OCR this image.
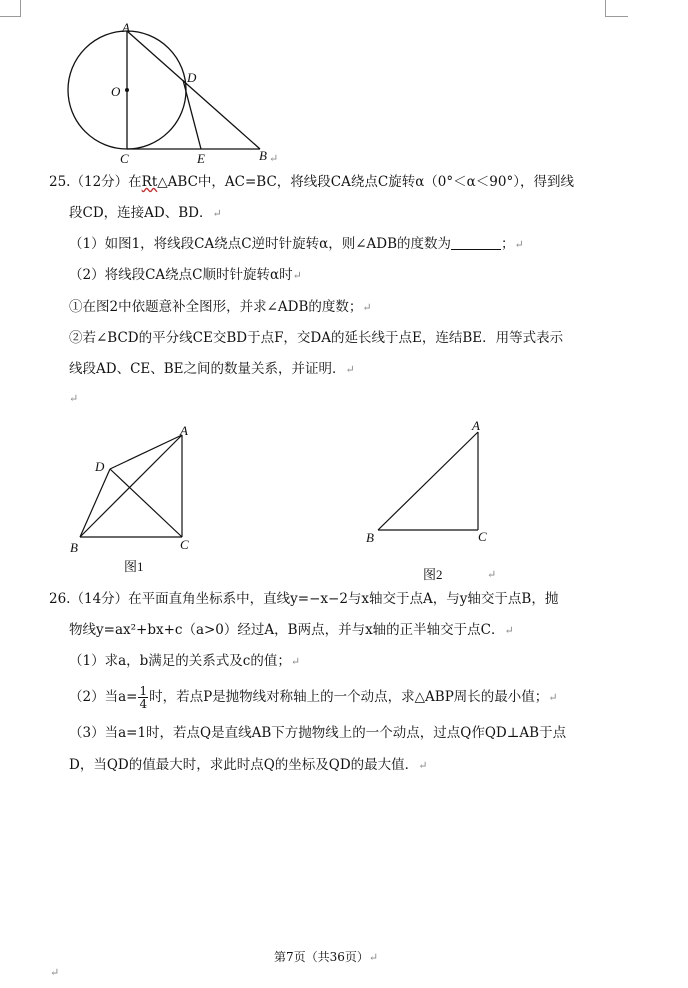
A
O
D
C	E	B ↵
25.（12分）在Rt△ABC中，AC=BC，将线段CA绕点C旋转α（0°＜α＜90°），得到线
段CD，连接AD、BD．↵
（1）如图1，将线段CA绕点C逆时针旋转α，则∠ADB的度数为	；↵
（2）将线段CA绕点C顺时针旋转α时↵
①在图2中依题意补全图形，并求∠ADB的度数；↵
②若∠BCD的平分线CE交BD于点F，交DA的延长线于点E，连结BE．用等式表示
线段AD、CE、BE之间的数量关系，并证明．↵
↵
A
D
B	C
图1
A
B	C
图2	↵
26.（14分）在平面直角坐标系中，直线y=−x−2与x轴交于点A，与y轴交于点B，抛
物线y=ax²+bx+c（a>0）经过A，B两点，并与x轴的正半轴交于点C．↵
（1）求a，b满足的关系式及c的值；↵
（2）当$a= \frac{1}{4}$ 时，若点P是抛物线对称轴上的一个动点，求△ABP周长的最小值；↵
（3）当a=1时，若点Q是直线AB下方抛物线上的一个动点，过点Q作QD⊥AB于点
D，当QD的值最大时，求此时点Q的坐标及QD的最大值．↵
第7页（共36页）↵
↵
